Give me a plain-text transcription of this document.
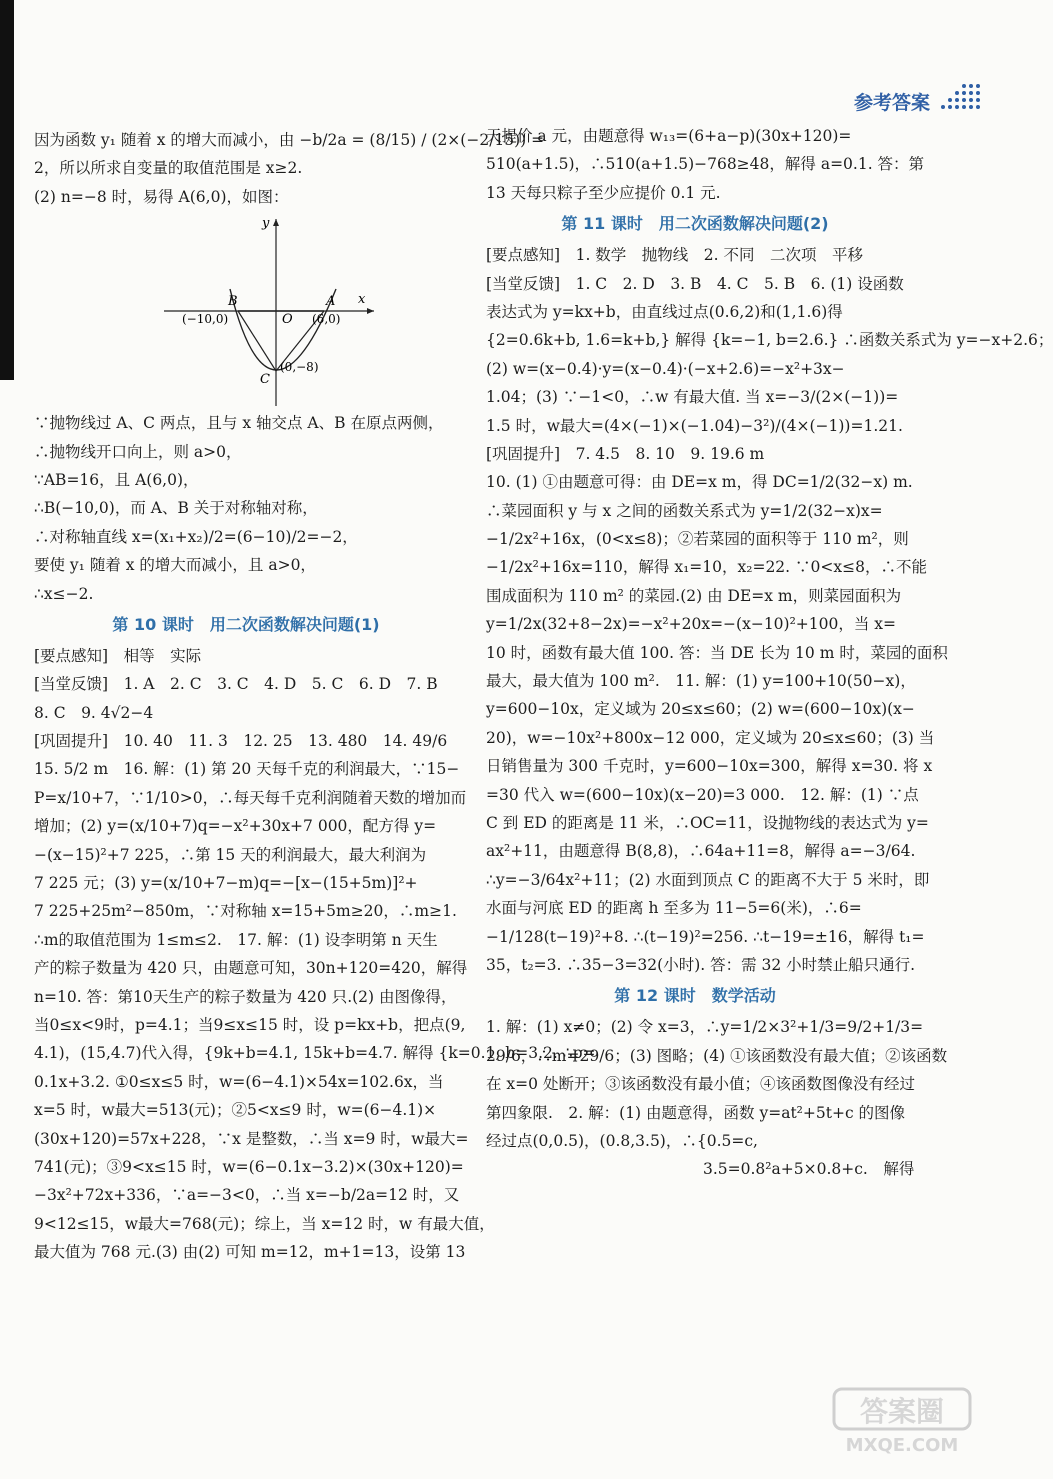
参考答案
因为函数 y₁ 随着 x 的增大而减小，由 −b/2a = (8/15) / (2×(−2/15)) =
2，所以所求自变量的取值范围是 x≥2.
(2) n=−8 时，易得 A(6,0)，如图：
y
x
B
(−10,0)	O
A
(6,0)
C
(0,−8)
∵抛物线过 A、C 两点，且与 x 轴交点 A、B 在原点两侧，
∴抛物线开口向上，则 a>0，
∵AB=16，且 A(6,0)，
∴B(−10,0)，而 A、B 关于对称轴对称，
∴对称轴直线 x=(x₁+x₂)/2=(6−10)/2=−2，
要使 y₁ 随着 x 的增大而减小，且 a>0，
∴x≤−2.
第 10 课时　用二次函数解决问题(1)
[要点感知]　相等　实际
[当堂反馈]　1. A　2. C　3. C　4. D　5. C　6. D　7. B
8. C　9. 4√2−4
[巩固提升]　10. 40　11. 3　12. 25　13. 480　14. 49/6
15. 5/2 m　16. 解：(1) 第 20 天每千克的利润最大，∵15−
P=x/10+7，∵1/10>0，∴每天每千克利润随着天数的增加而
增加；(2) y=(x/10+7)q=−x²+30x+7 000，配方得 y=
−(x−15)²+7 225，∴第 15 天的利润最大，最大利润为
7 225 元；(3) y=(x/10+7−m)q=−[x−(15+5m)]²+
7 225+25m²−850m，∵对称轴 x=15+5m≥20，∴m≥1.
∴m的取值范围为 1≤m≤2.　17. 解：(1) 设李明第 n 天生
产的粽子数量为 420 只，由题意可知，30n+120=420，解得
n=10. 答：第10天生产的粽子数量为 420 只.(2) 由图像得，
当0≤x<9时，p=4.1；当9≤x≤15 时，设 p=kx+b，把点(9,
4.1)，(15,4.7)代入得，{9k+b=4.1, 15k+b=4.7. 解得 {k=0.1, b=3.2. ∴p=
0.1x+3.2. ①0≤x≤5 时，w=(6−4.1)×54x=102.6x，当
x=5 时，w最大=513(元)；②5<x≤9 时，w=(6−4.1)×
(30x+120)=57x+228，∵x 是整数，∴当 x=9 时，w最大=
741(元)；③9<x≤15 时，w=(6−0.1x−3.2)×(30x+120)=
−3x²+72x+336，∵a=−3<0，∴当 x=−b/2a=12 时，又
9<12≤15，w最大=768(元)；综上，当 x=12 时，w 有最大值，
最大值为 768 元.(3) 由(2) 可知 m=12，m+1=13，设第 13
天提价 a 元，由题意得 w₁₃=(6+a−p)(30x+120)=
510(a+1.5)，∴510(a+1.5)−768≥48，解得 a=0.1. 答：第
13 天每只粽子至少应提价 0.1 元.
第 11 课时　用二次函数解决问题(2)
[要点感知]　1. 数学　抛物线　2. 不同　二次项　平移
[当堂反馈]　1. C　2. D　3. B　4. C　5. B　6. (1) 设函数
表达式为 y=kx+b，由直线过点(0.6,2)和(1,1.6)得
{2=0.6k+b, 1.6=k+b,} 解得 {k=−1, b=2.6.} ∴函数关系式为 y=−x+2.6；
(2) w=(x−0.4)·y=(x−0.4)·(−x+2.6)=−x²+3x−
1.04；(3) ∵−1<0，∴w 有最大值. 当 x=−3/(2×(−1))=
1.5 时，w最大=(4×(−1)×(−1.04)−3²)/(4×(−1))=1.21.
[巩固提升]　7. 4.5　8. 10　9. 19.6 m
10. (1) ①由题意可得：由 DE=x m，得 DC=1/2(32−x) m.
∴菜园面积 y 与 x 之间的函数关系式为 y=1/2(32−x)x=
−1/2x²+16x，(0<x≤8)；②若菜园的面积等于 110 m²，则
−1/2x²+16x=110，解得 x₁=10，x₂=22. ∵0<x≤8，∴不能
围成面积为 110 m² 的菜园.(2) 由 DE=x m，则菜园面积为
y=1/2x(32+8−2x)=−x²+20x=−(x−10)²+100，当 x=
10 时，函数有最大值 100. 答：当 DE 长为 10 m 时，菜园的面积
最大，最大值为 100 m².　11. 解：(1) y=100+10(50−x)，
y=600−10x，定义域为 20≤x≤60；(2) w=(600−10x)(x−
20)，w=−10x²+800x−12 000，定义域为 20≤x≤60；(3) 当
日销售量为 300 千克时，y=600−10x=300，解得 x=30. 将 x
=30 代入 w=(600−10x)(x−20)=3 000.　12. 解：(1) ∵点
C 到 ED 的距离是 11 米，∴OC=11，设抛物线的表达式为 y=
ax²+11，由题意得 B(8,8)，∴64a+11=8，解得 a=−3/64.
∴y=−3/64x²+11；(2) 水面到顶点 C 的距离不大于 5 米时，即
水面与河底 ED 的距离 h 至多为 11−5=6(米)，∴6=
−1/128(t−19)²+8. ∴(t−19)²=256. ∴t−19=±16，解得 t₁=
35，t₂=3. ∴35−3=32(小时). 答：需 32 小时禁止船只通行.
第 12 课时　数学活动
1. 解：(1) x≠0；(2) 令 x=3，∴y=1/2×3²+1/3=9/2+1/3=
29/6，∴m=29/6；(3) 图略；(4) ①该函数没有最大值；②该函数
在 x=0 处断开；③该函数没有最小值；④该函数图像没有经过
第四象限.　2. 解：(1) 由题意得，函数 y=at²+5t+c 的图像
经过点(0,0.5)，(0.8,3.5)，∴{0.5=c,
　　　　　　　　　　　　　　3.5=0.8²a+5×0.8+c.　解得
答案圈
MXQE.COM
